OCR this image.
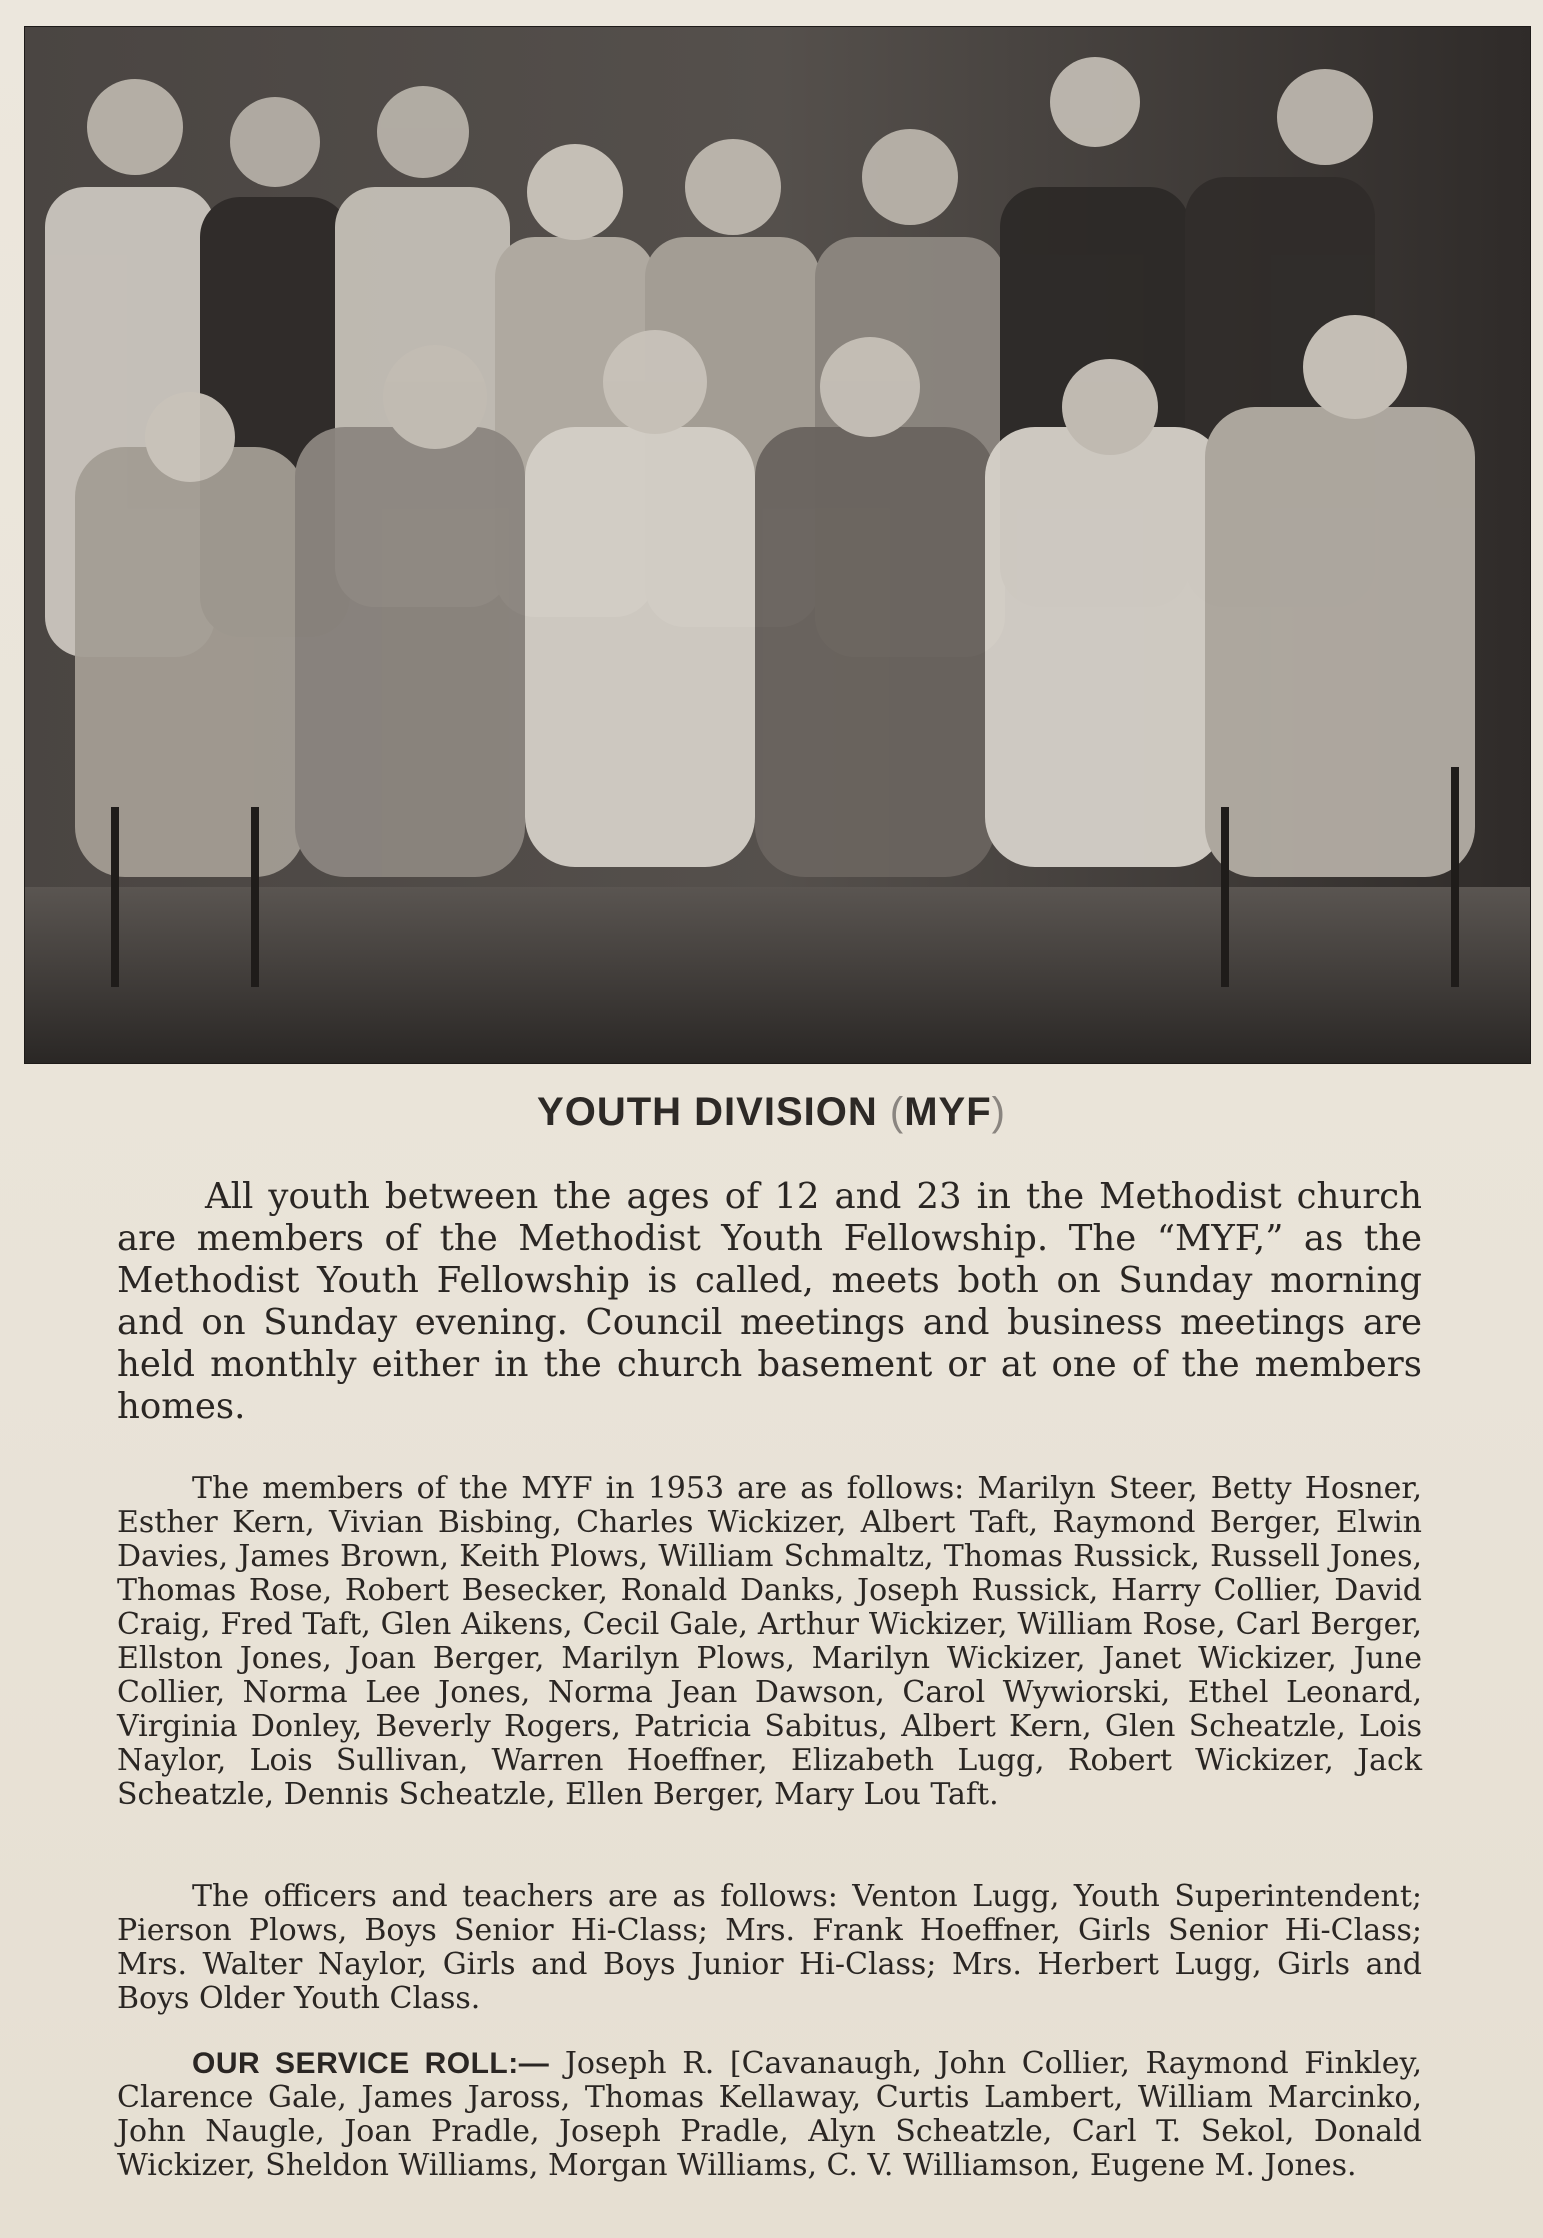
YOUTH DIVISION (MYF)

All youth between the ages of 12 and 23 in the Methodist church are members of the Methodist Youth Fellowship. The “MYF,” as the Methodist Youth Fellowship is called, meets both on Sunday morning and on Sunday evening. Council meetings and business meetings are held monthly either in the church basement or at one of the members homes.

The members of the MYF in 1953 are as follows: Marilyn Steer, Betty Hosner, Esther Kern, Vivian Bisbing, Charles Wickizer, Albert Taft, Raymond Berger, Elwin Davies, James Brown, Keith Plows, William Schmaltz, Thomas Russick, Russell Jones, Thomas Rose, Robert Besecker, Ronald Danks, Joseph Russick, Harry Collier, David Craig, Fred Taft, Glen Aikens, Cecil Gale, Arthur Wickizer, William Rose, Carl Berger, Ellston Jones, Joan Berger, Marilyn Plows, Marilyn Wickizer, Janet Wickizer, June Collier, Norma Lee Jones, Norma Jean Dawson, Carol Wywiorski, Ethel Leonard, Virginia Donley, Beverly Rogers, Patricia Sabitus, Albert Kern, Glen Scheatzle, Lois Naylor, Lois Sullivan, Warren Hoeffner, Elizabeth Lugg, Robert Wickizer, Jack Scheatzle, Dennis Scheatzle, Ellen Berger, Mary Lou Taft.

The officers and teachers are as follows: Venton Lugg, Youth Superintendent; Pierson Plows, Boys Senior Hi-Class; Mrs. Frank Hoeffner, Girls Senior Hi-Class; Mrs. Walter Naylor, Girls and Boys Junior Hi-Class; Mrs. Herbert Lugg, Girls and Boys Older Youth Class.

OUR SERVICE ROLL:— Joseph R. [Cavanaugh, John Collier, Raymond Finkley, Clarence Gale, James Jaross, Thomas Kellaway, Curtis Lambert, William Marcinko, John Naugle, Joan Pradle, Joseph Pradle, Alyn Scheatzle, Carl T. Sekol, Donald Wickizer, Sheldon Williams, Morgan Williams, C. V. Williamson, Eugene M. Jones.
